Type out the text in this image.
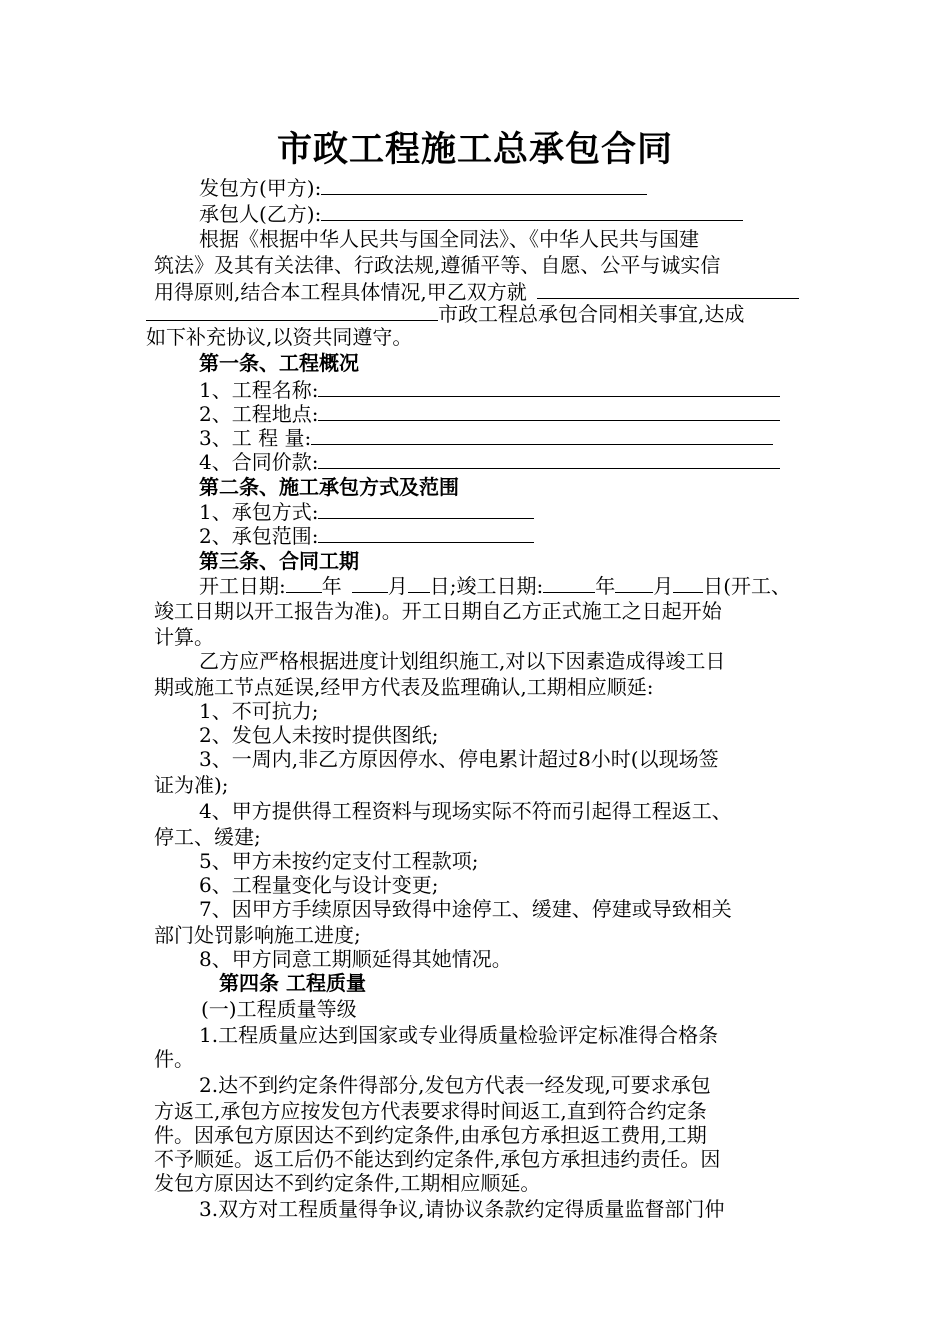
市政工程施工总承包合同
发包方(甲方):
承包人(乙方):
根据《根据中华人民共与国全同法》、《中华人民共与国建
筑法》及其有关法律、行政法规,遵循平等、自愿、公平与诚实信
用得原则,结合本工程具体情况,甲乙双方就
市政工程总承包合同相关事宜,达成
如下补充协议,以资共同遵守。
第一条、工程概况
1、工程名称:
2、工程地点:
3、工 程 量:
4、合同价款:
第二条、施工承包方式及范围
1、承包方式:
2、承包范围:
第三条、合同工期
开工日期: 年 月 日;竣工日期:	年 月 日(开工、
竣工日期以开工报告为准)。开工日期自乙方正式施工之日起开始
计算。
乙方应严格根据进度计划组织施工,对以下因素造成得竣工日
期或施工节点延误,经甲方代表及监理确认,工期相应顺延:
1、不可抗力;
2、发包人未按时提供图纸;
3、一周内,非乙方原因停水、停电累计超过8小时(以现场签
证为准);
4、甲方提供得工程资料与现场实际不符而引起得工程返工、
停工、缓建;
5、甲方未按约定支付工程款项;
6、工程量变化与设计变更;
7、因甲方手续原因导致得中途停工、缓建、停建或导致相关
部门处罚影响施工进度;
8、甲方同意工期顺延得其她情况。
第四条 工程质量
(一)工程质量等级
1.工程质量应达到国家或专业得质量检验评定标准得合格条
件。
2.达不到约定条件得部分,发包方代表一经发现,可要求承包
方返工,承包方应按发包方代表要求得时间返工,直到符合约定条
件。因承包方原因达不到约定条件,由承包方承担返工费用,工期
不予顺延。返工后仍不能达到约定条件,承包方承担违约责任。因
发包方原因达不到约定条件,工期相应顺延。
3.双方对工程质量得争议,请协议条款约定得质量监督部门仲
